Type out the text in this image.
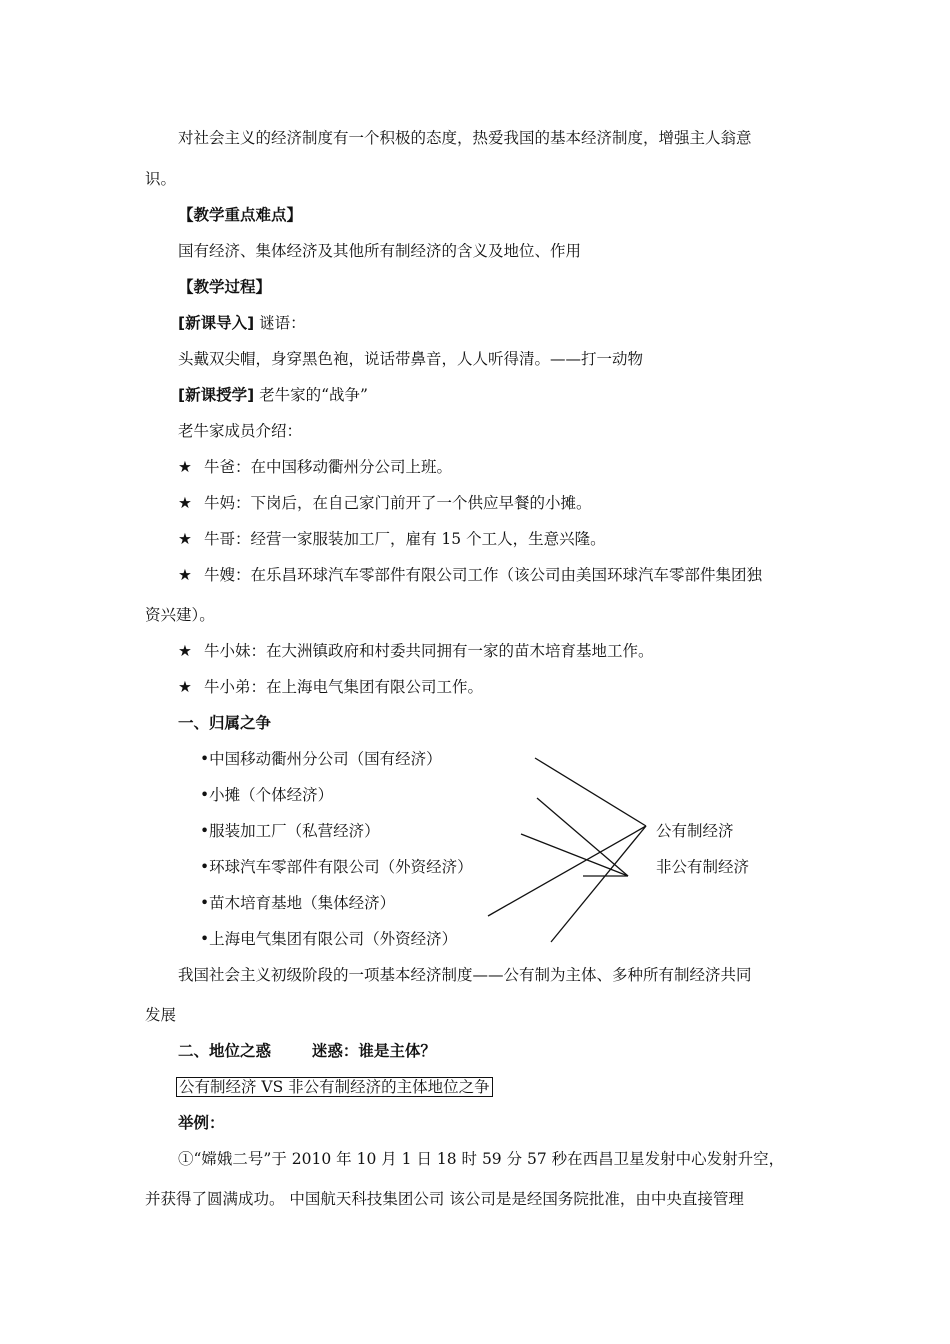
对社会主义的经济制度有一个积极的态度，热爱我国的基本经济制度，增强主人翁意
识。
【教学重点难点】
国有经济、集体经济及其他所有制经济的含义及地位、作用
【教学过程】
[新课导入] 谜语：
头戴双尖帽，身穿黑色袍，说话带鼻音，人人听得清。——打一动物
[新课授学] 老牛家的“战争”
老牛家成员介绍：
★ 牛爸：在中国移动衢州分公司上班。
★ 牛妈：下岗后，在自己家门前开了一个供应早餐的小摊。
★ 牛哥：经营一家服装加工厂，雇有 15 个工人，生意兴隆。
★ 牛嫂：在乐昌环球汽车零部件有限公司工作（该公司由美国环球汽车零部件集团独
资兴建）。
★ 牛小妹：在大洲镇政府和村委共同拥有一家的苗木培育基地工作。
★ 牛小弟：在上海电气集团有限公司工作。
一、归属之争
•中国移动衢州分公司（国有经济）
•小摊（个体经济）
•服装加工厂（私营经济）
•环球汽车零部件有限公司（外资经济）
•苗木培育基地（集体经济）
•上海电气集团有限公司（外资经济）
公有制经济
非公有制经济
我国社会主义初级阶段的一项基本经济制度——公有制为主体、多种所有制经济共同
发展
二、地位之惑	迷惑：谁是主体？
公有制经济 VS 非公有制经济的主体地位之争
举例：
①“嫦娥二号”于 2010 年 10 月 1 日 18 时 59 分 57 秒在西昌卫星发射中心发射升空，
并获得了圆满成功。 中国航天科技集团公司 该公司是是经国务院批准，由中央直接管理
